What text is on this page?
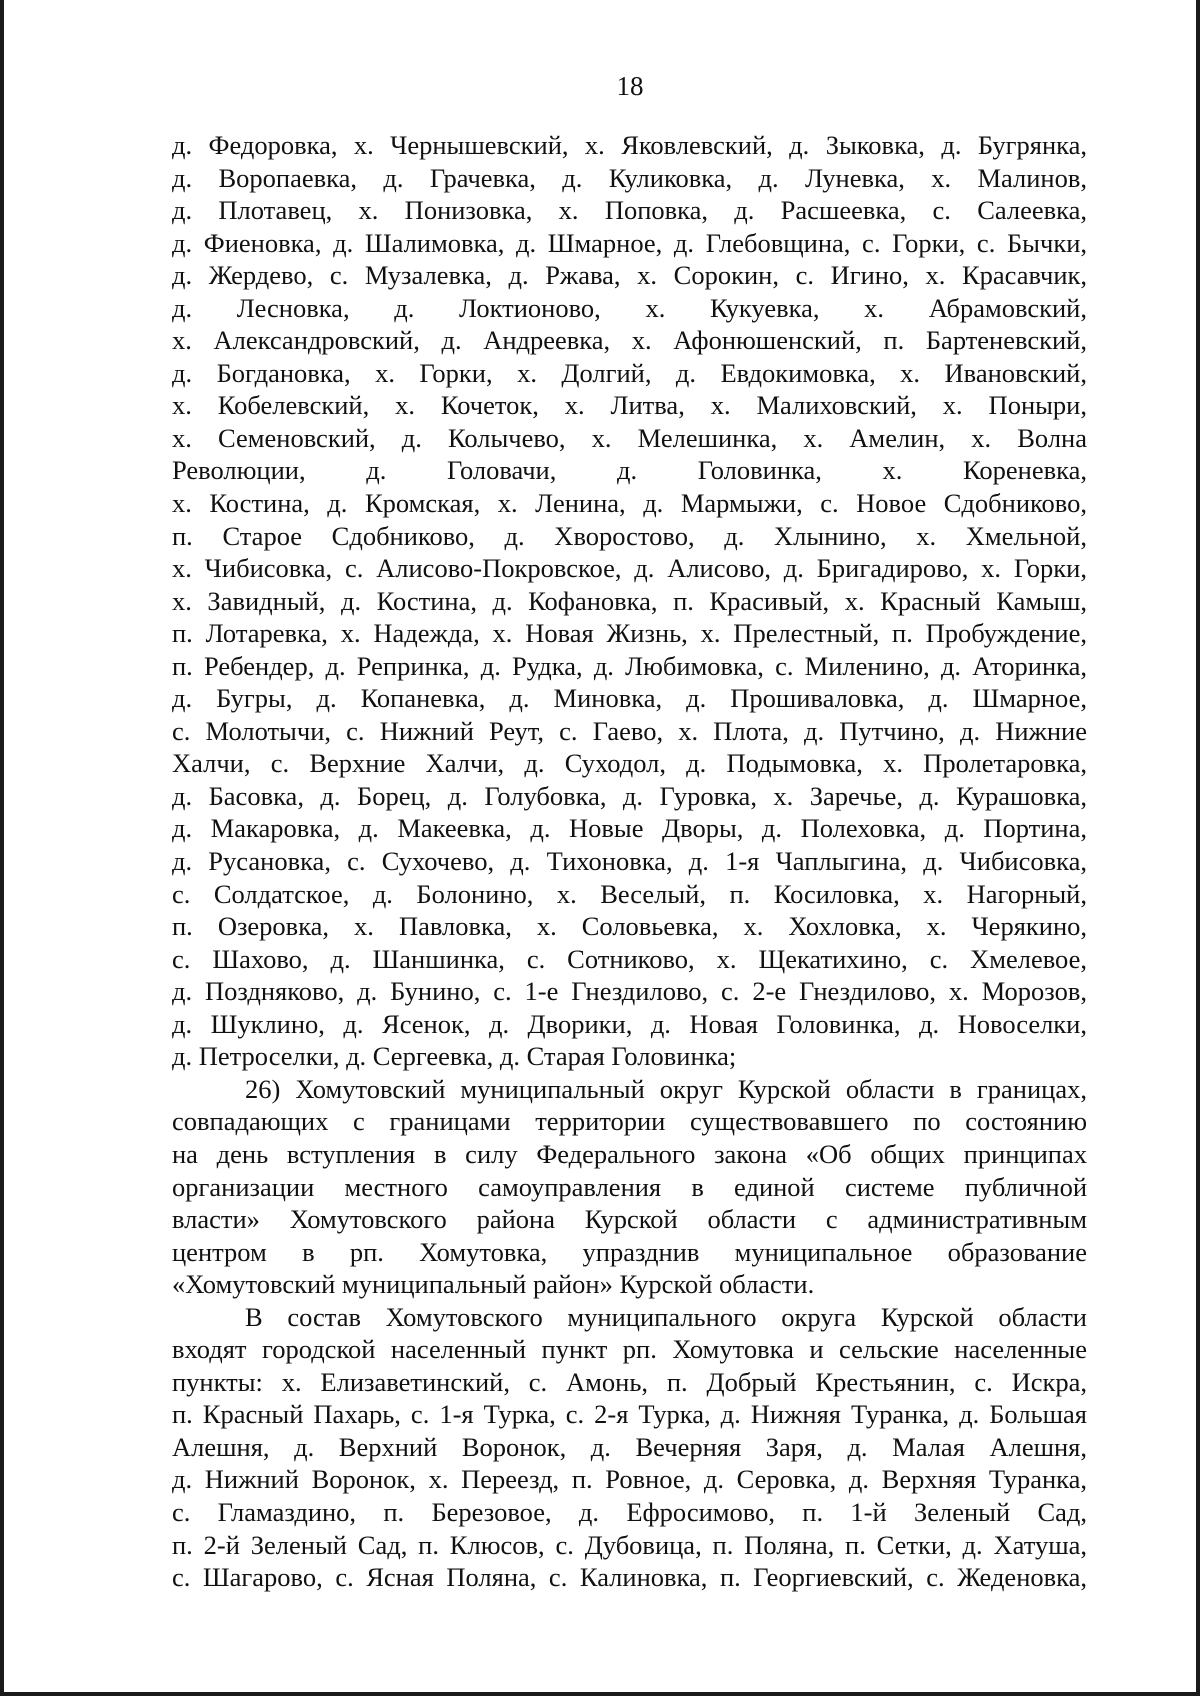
18
д. Федоровка, х. Чернышевский, х. Яковлевский, д. Зыковка, д. Бугрянка,
д. Воропаевка, д. Грачевка, д. Куликовка, д. Луневка, х. Малинов,
д. Плотавец, х. Понизовка, х. Поповка, д. Расшеевка, с. Салеевка,
д. Фиеновка, д. Шалимовка, д. Шмарное, д. Глебовщина, с. Горки, с. Бычки,
д. Жердево, с. Музалевка, д. Ржава, х. Сорокин, с. Игино, х. Красавчик,
д. Лесновка, д. Локтионово, х. Кукуевка, х. Абрамовский,
х. Александровский, д. Андреевка, х. Афонюшенский, п. Бартеневский,
д. Богдановка, х. Горки, х. Долгий, д. Евдокимовка, х. Ивановский,
х. Кобелевский, х. Кочеток, х. Литва, х. Малиховский, х. Поныри,
х. Семеновский, д. Колычево, х. Мелешинка, х. Амелин, х. Волна
Революции, д. Головачи, д. Головинка, х. Кореневка,
х. Костина, д. Кромская, х. Ленина, д. Мармыжи, с. Новое Сдобниково,
п. Старое Сдобниково, д. Хворостово, д. Хлынино, х. Хмельной,
х. Чибисовка, с. Алисово-Покровское, д. Алисово, д. Бригадирово, х. Горки,
х. Завидный, д. Костина, д. Кофановка, п. Красивый, х. Красный Камыш,
п. Лотаревка, х. Надежда, х. Новая Жизнь, х. Прелестный, п. Пробуждение,
п. Ребендер, д. Репринка, д. Рудка, д. Любимовка, с. Миленино, д. Аторинка,
д. Бугры, д. Копаневка, д. Миновка, д. Прошиваловка, д. Шмарное,
с. Молотычи, с. Нижний Реут, с. Гаево, х. Плота, д. Путчино, д. Нижние
Халчи, с. Верхние Халчи, д. Суходол, д. Подымовка, х. Пролетаровка,
д. Басовка, д. Борец, д. Голубовка, д. Гуровка, х. Заречье, д. Курашовка,
д. Макаровка, д. Макеевка, д. Новые Дворы, д. Полеховка, д. Портина,
д. Русановка, с. Сухочево, д. Тихоновка, д. 1-я Чаплыгина, д. Чибисовка,
с. Солдатское, д. Болонино, х. Веселый, п. Косиловка, х. Нагорный,
п. Озеровка, х. Павловка, х. Соловьевка, х. Хохловка, х. Черякино,
с. Шахово, д. Шаншинка, с. Сотниково, х. Щекатихино, с. Хмелевое,
д. Поздняково, д. Бунино, с. 1-е Гнездилово, с. 2-е Гнездилово, х. Морозов,
д. Шуклино, д. Ясенок, д. Дворики, д. Новая Головинка, д. Новоселки,
д. Петроселки, д. Сергеевка, д. Старая Головинка;
26) Хомутовский муниципальный округ Курской области в границах,
совпадающих с границами территории существовавшего по состоянию
на день вступления в силу Федерального закона «Об общих принципах
организации местного самоуправления в единой системе публичной
власти» Хомутовского района Курской области с административным
центром в рп. Хомутовка, упразднив муниципальное образование
«Хомутовский муниципальный район» Курской области.
В состав Хомутовского муниципального округа Курской области
входят городской населенный пункт рп. Хомутовка и сельские населенные
пункты: х. Елизаветинский, с. Амонь, п. Добрый Крестьянин, с. Искра,
п. Красный Пахарь, с. 1-я Турка, с. 2-я Турка, д. Нижняя Туранка, д. Большая
Алешня, д. Верхний Воронок, д. Вечерняя Заря, д. Малая Алешня,
д. Нижний Воронок, х. Переезд, п. Ровное, д. Серовка, д. Верхняя Туранка,
с. Гламаздино, п. Березовое, д. Ефросимово, п. 1-й Зеленый Сад,
п. 2-й Зеленый Сад, п. Клюсов, с. Дубовица, п. Поляна, п. Сетки, д. Хатуша,
с. Шагарово, с. Ясная Поляна, с. Калиновка, п. Георгиевский, с. Жеденовка,
